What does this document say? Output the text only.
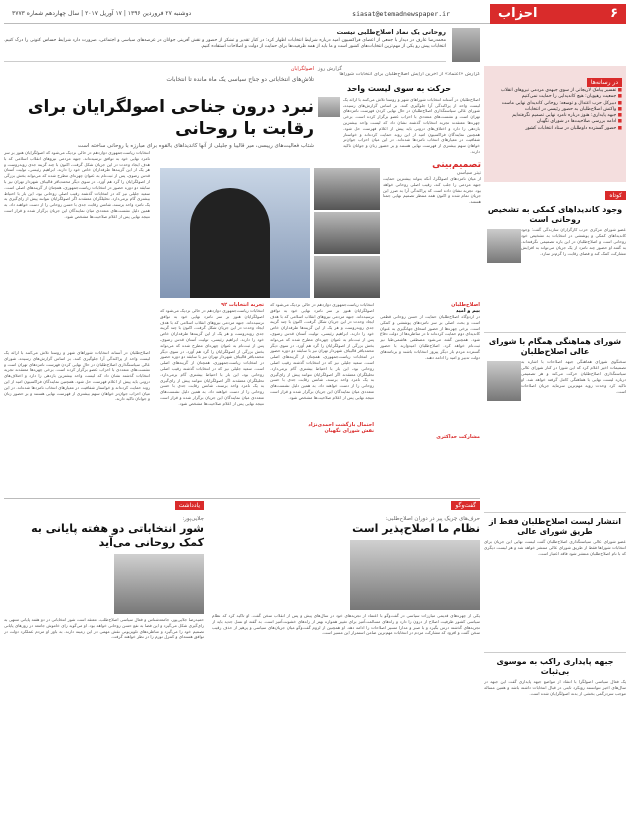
۶
احزاب
siasat@etemadnewspaper.ir
دوشنبه ۲۷ فروردین ۱۳۹۶ | ۱۷ آوریل ۲۰۱۷ | سال چهاردهم شماره ۳۷۷۳
روحانی یک نماد اصلاح‌طلبی نیست
محمدرضا عارف در دیدار با جمعی از اعضای فراکسیون امید درباره شرایط انتخابات اظهار کرد: در کنار تقدیر و تشکر از حضور و نقش آفرینی جوانان در عرصه‌های سیاسی و اجتماعی، ضرورت دارد شرایط حساس کنونی را درک کنیم. انتخابات پیش رو یکی از مهم‌ترین انتخابات‌های کشور است و ما باید از همه ظرفیت‌ها برای حمایت از دولت و اصلاحات استفاده کنیم.
در رسانه‌ها
■ تفسیر پیامک لاریجانی از سوی جبهه‌ی مردمی نیروهای انقلاب
■ جمعیت رهپویان: هیچ کاندیدایی را حمایت نمی‌کنیم
■ دبیرکل حزب اعتدال و توسعه: روحانی کاندیدای نهایی ماست
■ واکنش اصلاح‌طلبان به حضور رئیسی در انتخابات
■ جبهه پایداری: هنوز درباره نامزد نهایی تصمیم نگرفته‌ایم
■ ادامه بررسی صلاحیت‌ها در شورای نگهبان
■ حضور گسترده داوطلبان در ستاد انتخابات کشور
کوتاه
وجود کاندیداهای کمکی به تشخیص روحانی است
عضو شورای مرکزی حزب کارگزاران سازندگی گفت: وجود کاندیداهای کمکی و پوششی در انتخابات به تشخیص خود روحانی است و اصلاح‌طلبان در این باره تصمیمی نگرفته‌اند. به گفته او حضور چند نامزد از یک جریان می‌تواند به افزایش مشارکت کمک کند و فضای رقابت را گرم‌تر سازد.
شورای هماهنگی همگام با شورای عالی اصلاح‌طلبان
سخنگوی شورای هماهنگی جبهه اصلاحات با اشاره به تصمیمات اخیر اعلام کرد که این شورا در کنار شورای عالی سیاستگذاری اصلاح‌طلبان حرکت می‌کند و هر تصمیمی درباره لیست نهایی با هماهنگی کامل گرفته خواهد شد. او تاکید کرد وحدت رویه مهم‌ترین سرمایه جریان اصلاحات است.
انتشار لیست اصلاح‌طلبان فقط از طریق شورای عالی
عضو شورای عالی سیاستگذاری اصلاح‌طلبان گفت لیست نهایی این جریان برای انتخابات شوراها فقط از طریق شورای عالی منتشر خواهد شد و هر لیست دیگری که با نام اصلاح‌طلبان منتشر شود فاقد اعتبار است.
جبهه پایداری راکب به موسوی بی‌ثبات
یک فعال سیاسی اصولگرا با انتقاد از مواضع جبهه پایداری گفت این جبهه در سال‌های اخیر نتوانسته رویکرد ثابتی در قبال انتخابات داشته باشد و همین مساله موجب سردرگمی بخشی از بدنه اصولگرایان شده است.
گزارش روز
گزارش «اعتماد» از آخرین آرایش اصلاح‌طلبان برای انتخابات شوراها
حرکت به سوی لیست واحد
اصلاح‌طلبان در آستانه انتخابات شوراهای شهر و روستا تلاش می‌کنند با ارائه یک لیست واحد از پراکندگی آرا جلوگیری کنند. بر اساس گزارش‌های رسیده، شورای عالی سیاستگذاری اصلاح‌طلبان در حال نهایی کردن فهرست نامزدهای تهران است و نشست‌های متعددی با احزاب عضو برگزار کرده است. برخی چهره‌ها معتقدند تجربه انتخابات گذشته نشان داد که لیست واحد بیشترین بازدهی را دارد و اختلاف‌های درونی باید پیش از اعلام فهرست حل شود. همچنین نمایندگان فراکسیون امید از این روند حمایت کرده‌اند و خواستار شفافیت در معیارهای انتخاب نامزدها شده‌اند. در این میان احزاب جوان‌تر خواهان سهم بیشتری از فهرست نهایی هستند و بر حضور زنان و جوانان تاکید دارند.
اصولگرایان
تلاش‌های انتخاباتی دو جناح سیاسی یک ماه مانده تا انتخابات
نبرد درون جناحی اصولگرایان برای رقابت با روحانی
شتاب فعالیت‌های رییسی، میر قالیبا و جلیلی از آنها کاندیداهای بالقوه برای مبارزه با روحانی ساخته است
تصمیم‌بینی
تیتر سیاسی
از میان نامزدهای اصولگرا، آنکه بتواند بیشترین حمایت جبهه مردمی را جلب کند، رقیب اصلی روحانی خواهد بود. تجربه نشان داده است که پراکندگی آرا به ضرر این جریان تمام شده و اکنون همه منتظر تصمیم نهایی جمنا هستند.
اصلاح‌طلبان
بیم و امید
در اردوگاه اصلاح‌طلبان حمایت از حسن روحانی قطعی است و بحث اصلی بر سر نامزدهای پوششی و کمکی است. برخی چهره‌ها از حضور اسحاق جهانگیری به عنوان کاندیدای دوم حمایت کرده‌اند تا در مناظره‌ها از دولت دفاع شود. همچنین گفته می‌شود مصطفی هاشمی‌طبا نیز ثبت‌نام خواهد کرد. اصلاح‌طلبان امیدوارند با حضور گسترده مردم بار دیگر پیروز انتخابات باشند و برنامه‌های دولت تدبیر و امید را ادامه دهند.
مشارکت حداکثری
انتخابات ریاست‌جمهوری دوازدهم در حالی نزدیک می‌شود که اصولگرایان هنوز بر سر نامزد نهایی خود به توافق نرسیده‌اند. جبهه مردمی نیروهای انقلاب اسلامی که با هدف ایجاد وحدت در این جریان شکل گرفت، اکنون با چند گزینه جدی روبه‌روست و هر یک از این گزینه‌ها طرفداران خاص خود را دارند. ابراهیم رئیسی، تولیت آستان قدس رضوی، پس از ثبت‌نام به عنوان چهره‌ای مطرح شده که می‌تواند بخش بزرگی از اصولگرایان را گرد هم آورد. در سوی دیگر محمدباقر قالیباف شهردار تهران نیز با سابقه دو دوره حضور در انتخابات ریاست‌جمهوری، همچنان از گزینه‌های اصلی است. سعید جلیلی نیز که در انتخابات گذشته رقیب اصلی روحانی بود، این بار با احتیاط بیشتری گام برمی‌دارد. تحلیلگران معتقدند اگر اصولگرایان نتوانند پیش از رای‌گیری به یک نامزد واحد برسند، شانس رقابت جدی با حسن روحانی را از دست خواهند داد. به همین دلیل نشست‌های متعددی میان نمایندگان این جریان برگزار شده و قرار است نتیجه نهایی پس از اعلام صلاحیت‌ها مشخص شود.
احتمال بازگشت احمدی‌نژاد
نقش شورای نگهبان
تجربه انتخابات ۹۲
انتخابات ریاست‌جمهوری دوازدهم در حالی نزدیک می‌شود که اصولگرایان هنوز بر سر نامزد نهایی خود به توافق نرسیده‌اند. جبهه مردمی نیروهای انقلاب اسلامی که با هدف ایجاد وحدت در این جریان شکل گرفت، اکنون با چند گزینه جدی روبه‌روست و هر یک از این گزینه‌ها طرفداران خاص خود را دارند. ابراهیم رئیسی، تولیت آستان قدس رضوی، پس از ثبت‌نام به عنوان چهره‌ای مطرح شده که می‌تواند بخش بزرگی از اصولگرایان را گرد هم آورد. در سوی دیگر محمدباقر قالیباف شهردار تهران نیز با سابقه دو دوره حضور در انتخابات ریاست‌جمهوری، همچنان از گزینه‌های اصلی است. سعید جلیلی نیز که در انتخابات گذشته رقیب اصلی روحانی بود، این بار با احتیاط بیشتری گام برمی‌دارد. تحلیلگران معتقدند اگر اصولگرایان نتوانند پیش از رای‌گیری به یک نامزد واحد برسند، شانس رقابت جدی با حسن روحانی را از دست خواهند داد. به همین دلیل نشست‌های متعددی میان نمایندگان این جریان برگزار شده و قرار است نتیجه نهایی پس از اعلام صلاحیت‌ها مشخص شود.
انتخابات ریاست‌جمهوری دوازدهم در حالی نزدیک می‌شود که اصولگرایان هنوز بر سر نامزد نهایی خود به توافق نرسیده‌اند. جبهه مردمی نیروهای انقلاب اسلامی که با هدف ایجاد وحدت در این جریان شکل گرفت، اکنون با چند گزینه جدی روبه‌روست و هر یک از این گزینه‌ها طرفداران خاص خود را دارند. ابراهیم رئیسی، تولیت آستان قدس رضوی، پس از ثبت‌نام به عنوان چهره‌ای مطرح شده که می‌تواند بخش بزرگی از اصولگرایان را گرد هم آورد. در سوی دیگر محمدباقر قالیباف شهردار تهران نیز با سابقه دو دوره حضور در انتخابات ریاست‌جمهوری، همچنان از گزینه‌های اصلی است. سعید جلیلی نیز که در انتخابات گذشته رقیب اصلی روحانی بود، این بار با احتیاط بیشتری گام برمی‌دارد. تحلیلگران معتقدند اگر اصولگرایان نتوانند پیش از رای‌گیری به یک نامزد واحد برسند، شانس رقابت جدی با حسن روحانی را از دست خواهند داد. به همین دلیل نشست‌های متعددی میان نمایندگان این جریان برگزار شده و قرار است نتیجه نهایی پس از اعلام صلاحیت‌ها مشخص شود.
اصلاح‌طلبان در آستانه انتخابات شوراهای شهر و روستا تلاش می‌کنند با ارائه یک لیست واحد از پراکندگی آرا جلوگیری کنند. بر اساس گزارش‌های رسیده، شورای عالی سیاستگذاری اصلاح‌طلبان در حال نهایی کردن فهرست نامزدهای تهران است و نشست‌های متعددی با احزاب عضو برگزار کرده است. برخی چهره‌ها معتقدند تجربه انتخابات گذشته نشان داد که لیست واحد بیشترین بازدهی را دارد و اختلاف‌های درونی باید پیش از اعلام فهرست حل شود. همچنین نمایندگان فراکسیون امید از این روند حمایت کرده‌اند و خواستار شفافیت در معیارهای انتخاب نامزدها شده‌اند. در این میان احزاب جوان‌تر خواهان سهم بیشتری از فهرست نهایی هستند و بر حضور زنان و جوانان تاکید دارند.
گفت‌وگو
حرف‌های چریک پیر در دوران اصلاح‌طلبی:
نظام ما اصلاح‌پذیر است
یکی از چهره‌های قدیمی مبارزات سیاسی در گفت‌وگو با اعتماد از تجربه‌های خود در سال‌های پیش و پس از انقلاب سخن گفت. او تاکید کرد که نظام سیاسی کشور ظرفیت اصلاح از درون را دارد و راه‌های مسالمت‌آمیز برای تغییر همواره بهتر از راه‌های خشونت‌آمیز است. به گفته او نسل جدید باید از تجربه‌های گذشته درس بگیرد و با صبر و مدارا مسیر اصلاحات را ادامه دهد. او همچنین از لزوم گفت‌وگو میان جریان‌های سیاسی و پرهیز از حذف رقیب سخن گفت و افزود که مشارکت مردم در انتخابات مهم‌ترین ضامن استمرار این مسیر است.
یادداشت
جلایی‌پور:
شور انتخاباتی دو هفته پایانی به کمک روحانی می‌آید
حمیدرضا جلایی‌پور، جامعه‌شناس و فعال سیاسی اصلاح‌طلب، معتقد است شور انتخاباتی در دو هفته پایانی منتهی به رای‌گیری شکل می‌گیرد و این فضا به نفع حسن روحانی خواهد بود. او می‌گوید رای خاموش جامعه در روزهای پایانی تصمیم خود را می‌گیرد و مناظره‌های تلویزیونی نقش مهمی در این زمینه دارند. به باور او مردم عملکرد دولت در توافق هسته‌ای و کنترل تورم را در نظر خواهند گرفت.
